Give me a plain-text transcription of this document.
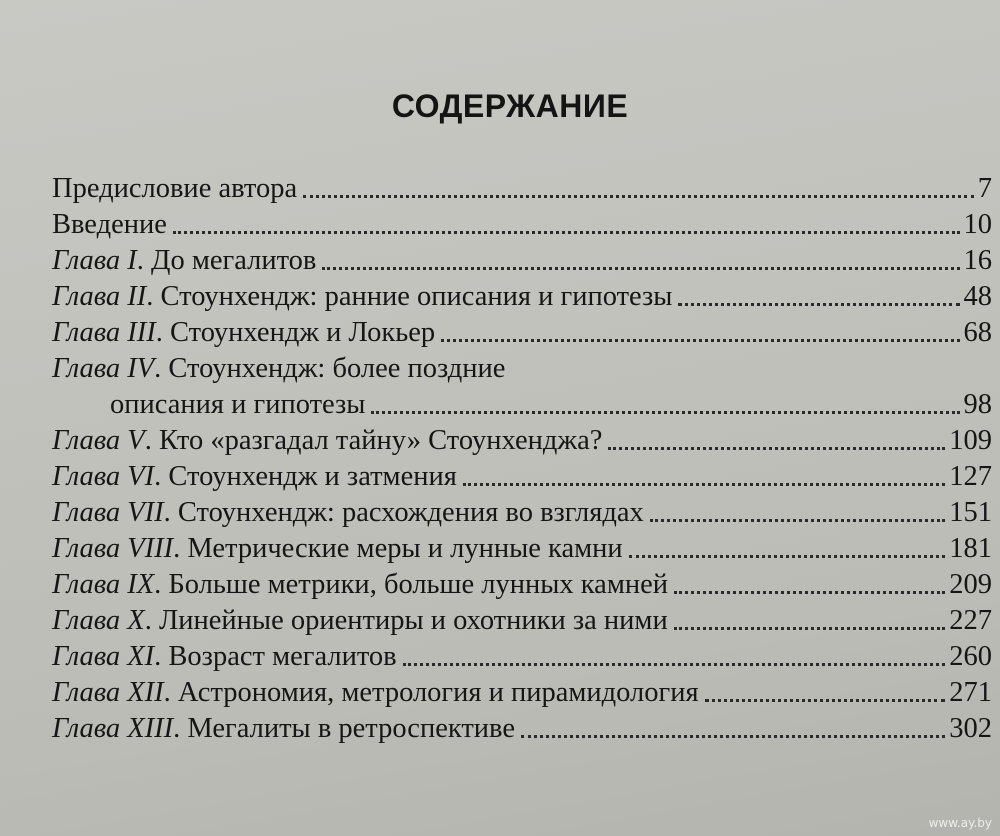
СОДЕРЖАНИЕ
Предисловие автора	7
Введение	10
Глава I. До мегалитов	16
Глава II. Стоунхендж: ранние описания и гипотезы	48
Глава III. Стоунхендж и Локьер	68
Глава IV. Стоунхендж: более поздние
описания и гипотезы	98
Глава V. Кто «разгадал тайну» Стоунхенджа?	109
Глава VI. Стоунхендж и затмения	127
Глава VII. Стоунхендж: расхождения во взглядах	151
Глава VIII. Метрические меры и лунные камни	181
Глава IX. Больше метрики, больше лунных камней	209
Глава X. Линейные ориентиры и охотники за ними	227
Глава XI. Возраст мегалитов	260
Глава XII. Астрономия, метрология и пирамидология	271
Глава XIII. Мегалиты в ретроспективе	302
www.ay.by
